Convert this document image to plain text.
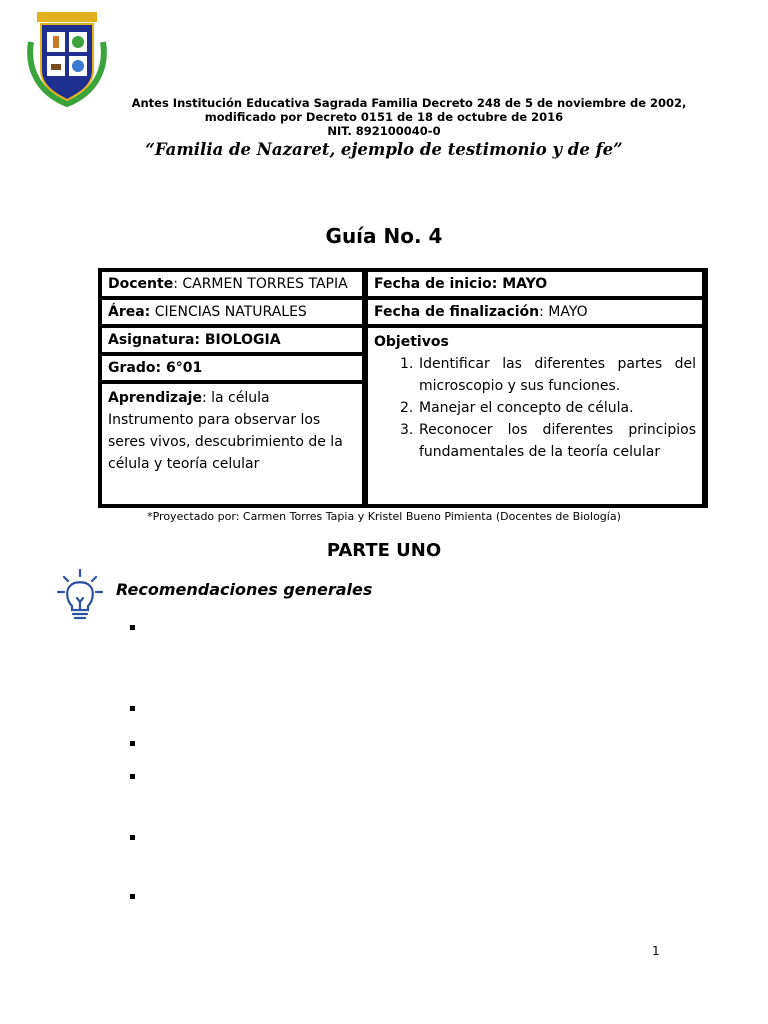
Antes Institución Educativa Sagrada Familia Decreto 248 de 5 de noviembre de 2002,
modificado por Decreto 0151 de 18 de octubre de 2016
NIT. 892100040-0
“Familia de Nazaret, ejemplo de testimonio y de fe”
Guía No. 4
Docente: CARMEN TORRES TAPIA
Área: CIENCIAS NATURALES
Asignatura: BIOLOGIA
Grado: 6°01
Aprendizaje: la célula Instrumento para observar los seres vivos, descubrimiento de la célula y teoría celular
Fecha de inicio: MAYO
Fecha de finalización: MAYO
Objetivos
1. Identificar las diferentes partes del microscopio y sus funciones.
2. Manejar el concepto de célula.
3. Reconocer los diferentes principios fundamentales de la teoría celular
*Proyectado por: Carmen Torres Tapia y Kristel Bueno Pimienta (Docentes de Biología)
PARTE UNO
Recomendaciones generales
1
